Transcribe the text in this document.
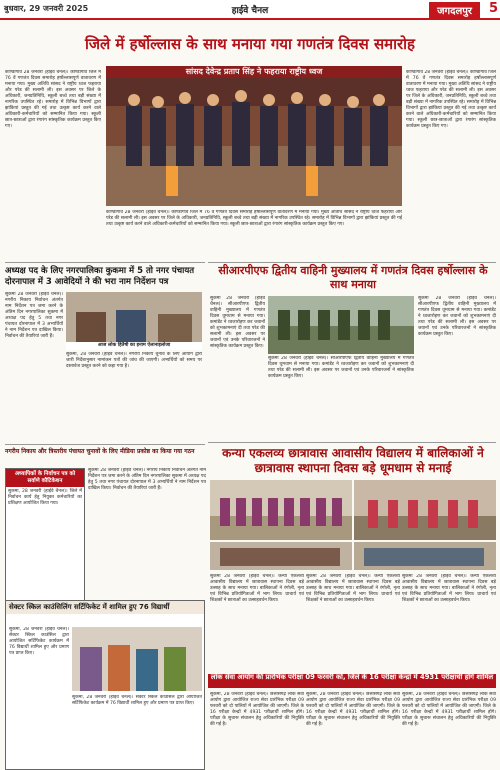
बुधवार, 29 जनवरी 2025	हाईवे चैनल	जगदलपुर	5
जिले में हर्षोल्लास के साथ मनाया गया गणतंत्र दिवस समारोह
कोण्डागांव 28 जनवरी (हाईवे चैनल)। कोण्डागांव जिले में 76 वें गणतंत्र दिवस समारोह हर्षोल्लासपूर्ण वातावरण में मनाया गया। मुख्य अतिथि सांसद ने राष्ट्रीय ध्वज फहराया और परेड की सलामी ली। इस अवसर पर जिले के अधिकारी, जनप्रतिनिधि, स्कूली बच्चे तथा बड़ी संख्या में नागरिक उपस्थित रहे। समारोह में विभिन्न विभागों द्वारा झांकियां प्रस्तुत की गई तथा उत्कृष्ट कार्य करने वाले अधिकारी-कर्मचारियों को सम्मानित किया गया। स्कूली छात्र-छात्राओं द्वारा रंगारंग सांस्कृतिक कार्यक्रम प्रस्तुत किए गए।
सांसद देवेन्द्र प्रताप सिंह ने फहराया राष्ट्रीय ध्वज	कोण्डागांव 28 जनवरी (हाईवे चैनल)। कोण्डागांव जिले में 76 वें गणतंत्र दिवस समारोह हर्षोल्लासपूर्ण वातावरण में मनाया गया। मुख्य अतिथि सांसद ने राष्ट्रीय ध्वज फहराया और परेड की सलामी ली। इस अवसर पर जिले के अधिकारी, जनप्रतिनिधि, स्कूली बच्चे तथा बड़ी संख्या में नागरिक उपस्थित रहे। समारोह में विभिन्न विभागों द्वारा झांकियां प्रस्तुत की गई तथा उत्कृष्ट कार्य करने वाले अधिकारी-कर्मचारियों को सम्मानित किया गया। स्कूली छात्र-छात्राओं द्वारा रंगारंग सांस्कृतिक कार्यक्रम प्रस्तुत किए गए।
कोण्डागांव 28 जनवरी (हाईवे चैनल)। कोण्डागांव जिले में 76 वें गणतंत्र दिवस समारोह हर्षोल्लासपूर्ण वातावरण में मनाया गया। मुख्य अतिथि सांसद ने राष्ट्रीय ध्वज फहराया और परेड की सलामी ली। इस अवसर पर जिले के अधिकारी, जनप्रतिनिधि, स्कूली बच्चे तथा बड़ी संख्या में नागरिक उपस्थित रहे। समारोह में विभिन्न विभागों द्वारा झांकियां प्रस्तुत की गई तथा उत्कृष्ट कार्य करने वाले अधिकारी-कर्मचारियों को सम्मानित किया गया। स्कूली छात्र-छात्राओं द्वारा रंगारंग सांस्कृतिक कार्यक्रम प्रस्तुत किए गए।
अध्यक्ष पद के लिए नगरपालिका कुकमा में 5 तो नगर पंचायत दोरनापाल में 3 आवेदियों ने की भरा नाम निर्देशन पत्र
सुकमा 28 जनवरी (हाईवे चैनल)। नगरीय निकाय निर्वाचन अंतर्गत नाम निर्देशन पत्र जमा करने के अंतिम दिन नगरपालिका सुकमा में अध्यक्ष पद हेतु 5 तथा नगर पंचायत दोरनापाल में 3 अभ्यर्थियों ने नाम निर्देशन पत्र दाखिल किया। निर्वाचन की तैयारियां जारी हैं।
आज लोक हितैषी का इनाम ऐलानाइलोजा
सुकमा, 28 जनवरी (हाईवे चैनल)। नगरीय निकाय चुनाव के लिए आयोग द्वारा जारी निर्देशानुसार नामांकन पत्रों की जांच की जाएगी। अभ्यर्थियों को समय पर दस्तावेज प्रस्तुत करने को कहा गया है।
नगरीय निकाय और त्रिस्तरीय पंचायत चुनावों के लिए मीडिया प्रकोष्ठ का किया गया गठन
अध्यापिकों के निर्वाचन पत्र को सर्वाणे कौटिकेशन
सुकमा, 28 जनवरी (हाईवे चैनल)। जिले में निर्वाचन कार्य हेतु नियुक्त कर्मचारियों का प्रशिक्षण आयोजित किया गया।
सुकमा 28 जनवरी (हाईवे चैनल)। नगरीय निकाय निर्वाचन अंतर्गत नाम निर्देशन पत्र जमा करने के अंतिम दिन नगरपालिका सुकमा में अध्यक्ष पद हेतु 5 तथा नगर पंचायत दोरनापाल में 3 अभ्यर्थियों ने नाम निर्देशन पत्र दाखिल किया। निर्वाचन की तैयारियां जारी हैं।
सेक्टर स्किल काउंसिलिंग सर्टिफिकेट में शामिल हुए 76 विद्यार्थी
सुकमा, 28 जनवरी (हाईवे चैनल)। सेक्टर स्किल काउंसिल द्वारा आयोजित सर्टिफिकेट कार्यक्रम में 76 विद्यार्थी शामिल हुए और प्रमाण पत्र प्राप्त किए।
सुकमा, 28 जनवरी (हाईवे चैनल)। सेक्टर स्किल काउंसिल द्वारा आयोजित सर्टिफिकेट कार्यक्रम में 76 विद्यार्थी शामिल हुए और प्रमाण पत्र प्राप्त किए।
सीआरपीएफ द्वितीय वाहिनी मुख्यालय में गणतंत्र दिवस हर्षोल्लास के साथ मनाया
सुकमा 28 जनवरी (हाईवे चैनल)। सीआरपीएफ द्वितीय वाहिनी मुख्यालय में गणतंत्र दिवस धूमधाम से मनाया गया। कमांडेंट ने ध्वजारोहण कर जवानों को शुभकामनाएं दी तथा परेड की सलामी ली। इस अवसर पर जवानों एवं उनके परिवारजनों ने सांस्कृतिक कार्यक्रम प्रस्तुत किए।
सुकमा 28 जनवरी (हाईवे चैनल)। सीआरपीएफ द्वितीय वाहिनी मुख्यालय में गणतंत्र दिवस धूमधाम से मनाया गया। कमांडेंट ने ध्वजारोहण कर जवानों को शुभकामनाएं दी तथा परेड की सलामी ली। इस अवसर पर जवानों एवं उनके परिवारजनों ने सांस्कृतिक कार्यक्रम प्रस्तुत किए।
सुकमा 28 जनवरी (हाईवे चैनल)। सीआरपीएफ द्वितीय वाहिनी मुख्यालय में गणतंत्र दिवस धूमधाम से मनाया गया। कमांडेंट ने ध्वजारोहण कर जवानों को शुभकामनाएं दी तथा परेड की सलामी ली। इस अवसर पर जवानों एवं उनके परिवारजनों ने सांस्कृतिक कार्यक्रम प्रस्तुत किए।
कन्या एकलव्य छात्रावास आवासीय विद्यालय में बालिकाओं ने छात्रावास स्थापना दिवस बड़े धूमधाम से मनाई
सुकमा 28 जनवरी (हाईवे चैनल)। कन्या एकलव्य आवासीय विद्यालय में छात्रावास स्थापना दिवस बड़े उत्साह के साथ मनाया गया। बालिकाओं ने रंगोली, नृत्य एवं विभिन्न प्रतियोगिताओं में भाग लिया। प्राचार्य एवं शिक्षकों ने छात्राओं का उत्साहवर्धन किया।
सुकमा 28 जनवरी (हाईवे चैनल)। कन्या एकलव्य आवासीय विद्यालय में छात्रावास स्थापना दिवस बड़े उत्साह के साथ मनाया गया। बालिकाओं ने रंगोली, नृत्य एवं विभिन्न प्रतियोगिताओं में भाग लिया। प्राचार्य एवं शिक्षकों ने छात्राओं का उत्साहवर्धन किया।
सुकमा 28 जनवरी (हाईवे चैनल)। कन्या एकलव्य आवासीय विद्यालय में छात्रावास स्थापना दिवस बड़े उत्साह के साथ मनाया गया। बालिकाओं ने रंगोली, नृत्य एवं विभिन्न प्रतियोगिताओं में भाग लिया। प्राचार्य एवं शिक्षकों ने छात्राओं का उत्साहवर्धन किया।
लोक सेवा आयोग की प्रारंभिक परीक्षा 09 फरवरी को, जिले के 16 परीक्षा केन्द्रों में 4931 परीक्षार्थी होंगे शामिल
सुकमा, 28 जनवरी (हाईवे चैनल)। छत्तीसगढ़ लोक सेवा आयोग द्वारा आयोजित राज्य सेवा प्रारंभिक परीक्षा 09 फरवरी को दो पालियों में आयोजित की जाएगी। जिले के 16 परीक्षा केन्द्रों में 4931 परीक्षार्थी शामिल होंगे। परीक्षा के सुचारू संचालन हेतु अधिकारियों की नियुक्ति की गई है।
सुकमा, 28 जनवरी (हाईवे चैनल)। छत्तीसगढ़ लोक सेवा आयोग द्वारा आयोजित राज्य सेवा प्रारंभिक परीक्षा 09 फरवरी को दो पालियों में आयोजित की जाएगी। जिले के 16 परीक्षा केन्द्रों में 4931 परीक्षार्थी शामिल होंगे। परीक्षा के सुचारू संचालन हेतु अधिकारियों की नियुक्ति की गई है।
सुकमा, 28 जनवरी (हाईवे चैनल)। छत्तीसगढ़ लोक सेवा आयोग द्वारा आयोजित राज्य सेवा प्रारंभिक परीक्षा 09 फरवरी को दो पालियों में आयोजित की जाएगी। जिले के 16 परीक्षा केन्द्रों में 4931 परीक्षार्थी शामिल होंगे। परीक्षा के सुचारू संचालन हेतु अधिकारियों की नियुक्ति की गई है।
